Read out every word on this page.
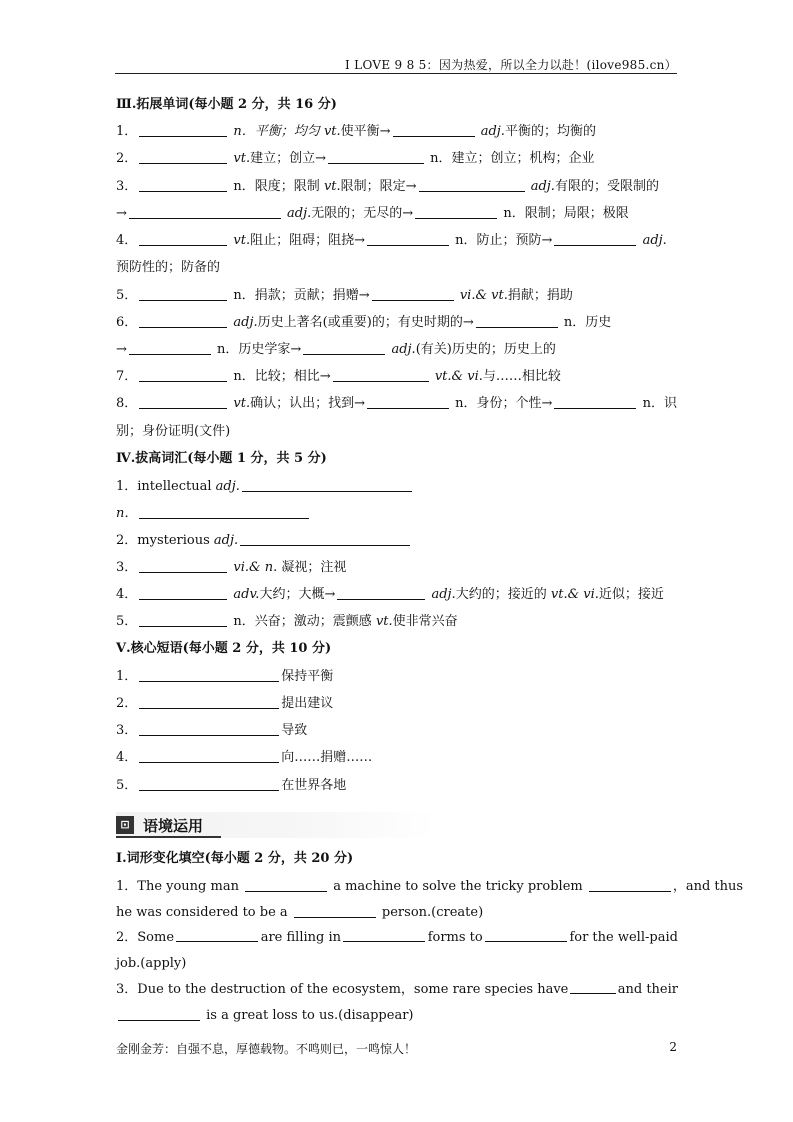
I LOVE 9 8 5：因为热爱，所以全力以赴！(ilove985.cn）
Ⅲ.拓展单词(每小题 2 分，共 16 分)
1．	n．平衡；均匀 vt.使平衡→	adj.平衡的；均衡的
2．	vt.建立；创立→	n．建立；创立；机构；企业
3．	n．限度；限制 vt.限制；限定→	adj.有限的；受限制的
→	adj.无限的；无尽的→	n．限制；局限；极限
4．	vt.阻止；阻碍；阻挠→	n．防止；预防→	adj.
预防性的；防备的
5．	n．捐款；贡献；捐赠→	vi.& vt.捐献；捐助
6．	adj.历史上著名(或重要)的；有史时期的→	n．历史
→	n．历史学家→	adj.(有关)历史的；历史上的
7．	n．比较；相比→	vt.& vi.与……相比较
8．	vt.确认；认出；找到→	n．身份；个性→	n．识
别；身份证明(文件)
Ⅳ.拔高词汇(每小题 1 分，共 5 分)
1．intellectual adj.
n．
2．mysterious adj.
3．	vi.& n. 凝视；注视
4．	adv.大约；大概→	adj.大约的；接近的 vt.& vi.近似；接近
5．	n．兴奋；激动；震颤感 vt.使非常兴奋
Ⅴ.核心短语(每小题 2 分，共 10 分)
1．	保持平衡
2．	提出建议
3．	导致
4．	向……捐赠……
5．	在世界各地
⊡ 语境运用
Ⅰ.词形变化填空(每小题 2 分，共 20 分)
1．The young man	a machine to solve the tricky problem	，and thus
he was considered to be a	person.(create)
2．Some	are filling in	forms to	for the well-paid
job.(apply)
3．Due to the destruction of the ecosystem，some rare species have	and their
is a great loss to us.(disappear)
金刚金芳：自强不息，厚德载物。不鸣则已，一鸣惊人！	2
